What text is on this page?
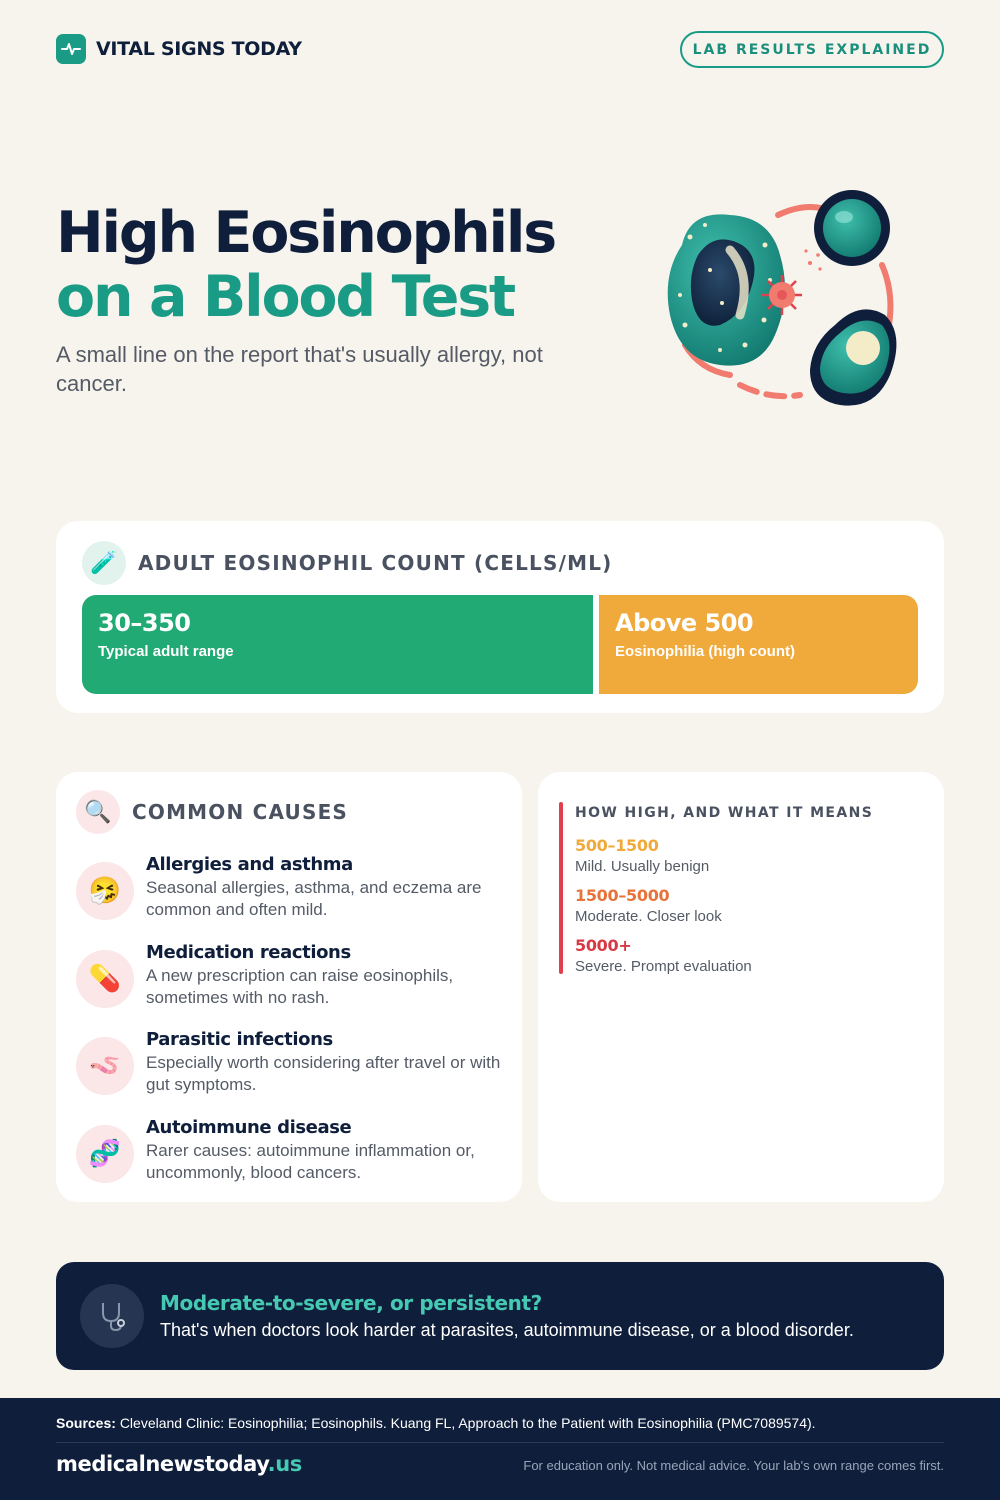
VITAL SIGNS TODAY	LAB RESULTS EXPLAINED
High Eosinophils
on a Blood Test
A small line on the report that's usually allergy, not cancer.
🧪	ADULT EOSINOPHIL COUNT (CELLS/ML)
30–350
Typical adult range
Above 500
Eosinophilia (high count)
🔍	COMMON CAUSES
🤧
Allergies and asthma
Seasonal allergies, asthma, and eczema are common and often mild.
💊
Medication reactions
A new prescription can raise eosinophils, sometimes with no rash.
🪱
Parasitic infections
Especially worth considering after travel or with gut symptoms.
🧬
Autoimmune disease
Rarer causes: autoimmune inflammation or, uncommonly, blood cancers.
HOW HIGH, AND WHAT IT MEANS
500–1500
Mild. Usually benign
1500–5000
Moderate. Closer look
5000+
Severe. Prompt evaluation
Moderate-to-severe, or persistent?
That's when doctors look harder at parasites, autoimmune disease, or a blood disorder.
Sources: Cleveland Clinic: Eosinophilia; Eosinophils. Kuang FL, Approach to the Patient with Eosinophilia (PMC7089574).
medicalnewstoday.us	For education only. Not medical advice. Your lab's own range comes first.
